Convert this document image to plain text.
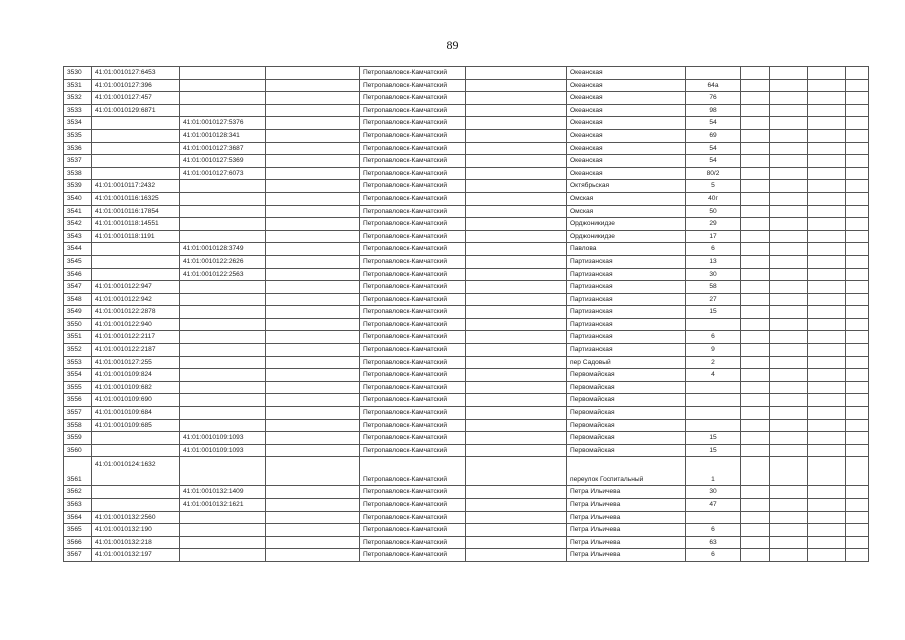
89
3530	41:01:0010127:6453			Петропавловск-Камчатский		Океанская					
3531	41:01:0010127:396			Петропавловск-Камчатский		Океанская	64а				
3532	41:01:0010127:457			Петропавловск-Камчатский		Океанская	76				
3533	41:01:0010129:6871			Петропавловск-Камчатский		Океанская	98				
3534		41:01:0010127:5376		Петропавловск-Камчатский		Океанская	54				
3535		41:01:0010128:341		Петропавловск-Камчатский		Океанская	69				
3536		41:01:0010127:3687		Петропавловск-Камчатский		Океанская	54				
3537		41:01:0010127:5369		Петропавловск-Камчатский		Океанская	54				
3538		41:01:0010127:6073		Петропавловск-Камчатский		Океанская	80/2				
3539	41:01:0010117:2432			Петропавловск-Камчатский		Октябрьская	5				
3540	41:01:0010116:16325			Петропавловск-Камчатский		Омская	40г				
3541	41:01:0010116:17854			Петропавловск-Камчатский		Омская	50				
3542	41:01:0010118:14551			Петропавловск-Камчатский		Орджоникидзе	29				
3543	41:01:0010118:1191			Петропавловск-Камчатский		Орджоникидзе	17				
3544		41:01:0010128:3749		Петропавловск-Камчатский		Павлова	6				
3545		41:01:0010122:2626		Петропавловск-Камчатский		Партизанская	13				
3546		41:01:0010122:2563		Петропавловск-Камчатский		Партизанская	30				
3547	41:01:0010122:947			Петропавловск-Камчатский		Партизанская	58				
3548	41:01:0010122:942			Петропавловск-Камчатский		Партизанская	27				
3549	41:01:0010122:2878			Петропавловск-Камчатский		Партизанская	15				
3550	41:01:0010122:940			Петропавловск-Камчатский		Партизанская					
3551	41:01:0010122:2117			Петропавловск-Камчатский		Партизанская	6				
3552	41:01:0010122:2187			Петропавловск-Камчатский		Партизанская	9				
3553	41:01:0010127:255			Петропавловск-Камчатский		пер Садовый	2				
3554	41:01:0010109:824			Петропавловск-Камчатский		Первомайская	4				
3555	41:01:0010109:682			Петропавловск-Камчатский		Первомайская					
3556	41:01:0010109:690			Петропавловск-Камчатский		Первомайская					
3557	41:01:0010109:684			Петропавловск-Камчатский		Первомайская					
3558	41:01:0010109:685			Петропавловск-Камчатский		Первомайская					
3559		41:01:0010109:1093		Петропавловск-Камчатский		Первомайская	15				
3560		41:01:0010109:1093		Петропавловск-Камчатский		Первомайская	15				
3561	41:01:0010124:1632			Петропавловск-Камчатский		переулок Госпитальный	1				
3562		41:01:0010132:1409		Петропавловск-Камчатский		Петра Ильичева	30				
3563		41:01:0010132:1621		Петропавловск-Камчатский		Петра Ильичева	47				
3564	41:01:0010132:2560			Петропавловск-Камчатский		Петра Ильичева					
3565	41:01:0010132:190			Петропавловск-Камчатский		Петра Ильичева	6				
3566	41:01:0010132:218			Петропавловск-Камчатский		Петра Ильичева	63				
3567	41:01:0010132:197			Петропавловск-Камчатский		Петра Ильичева	6				
